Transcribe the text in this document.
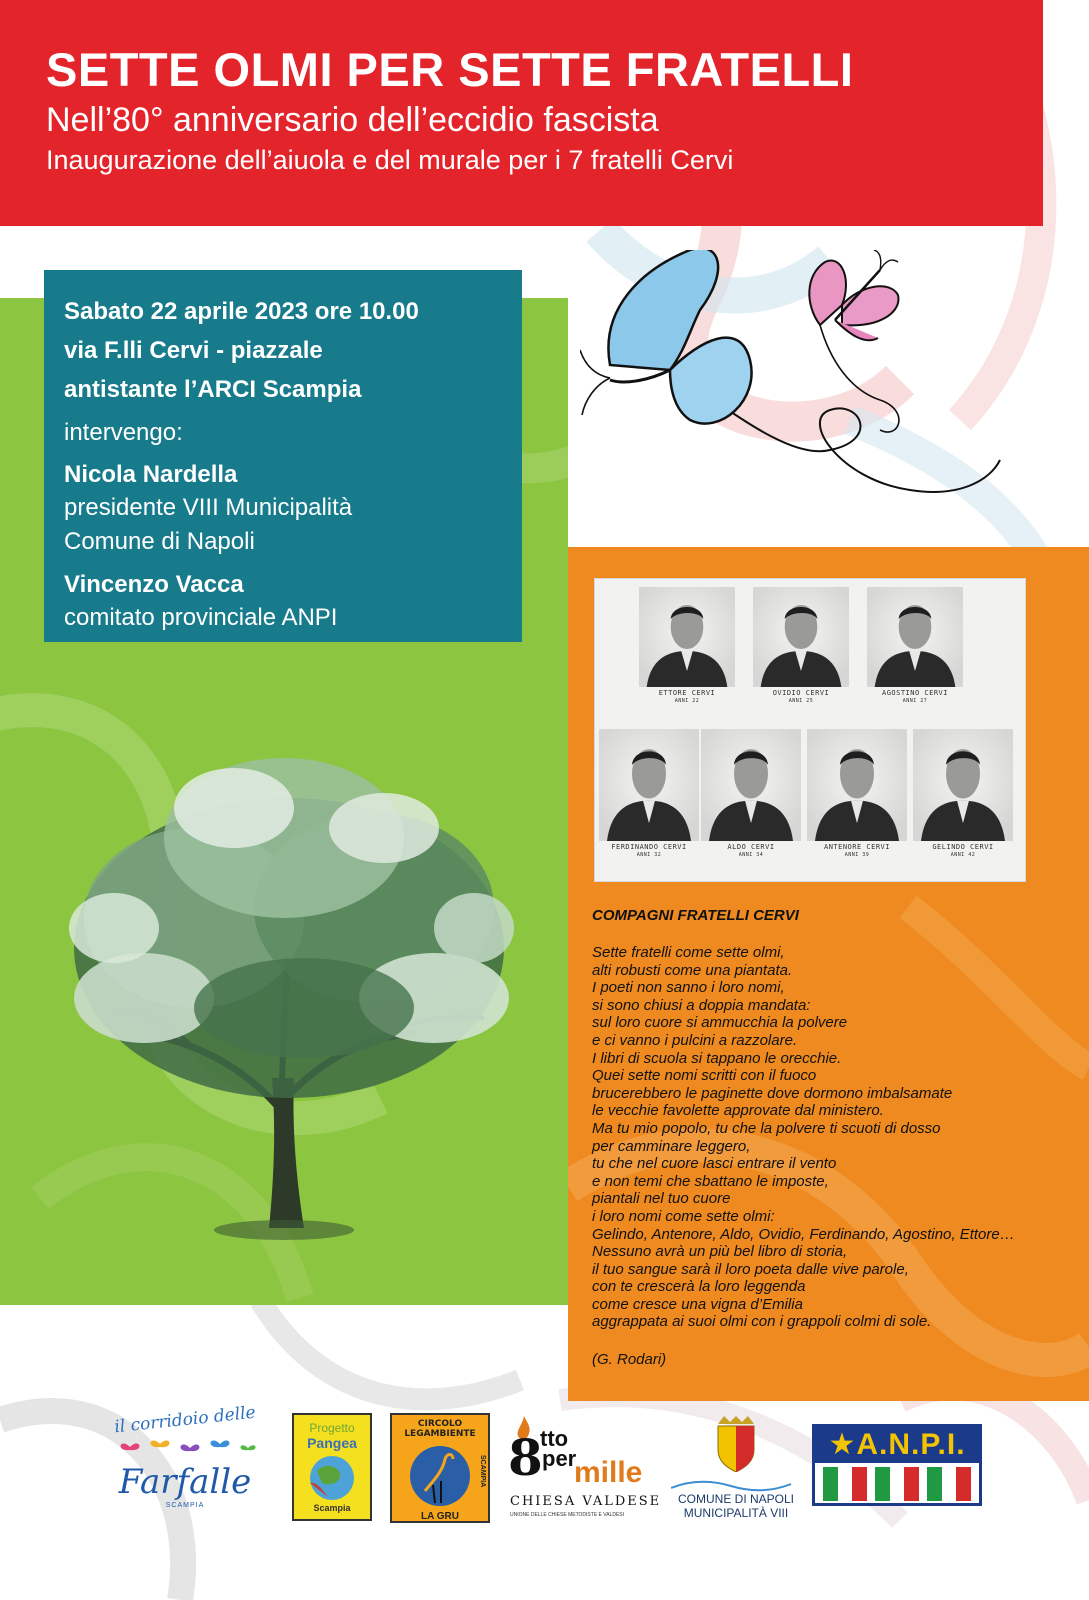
SETTE OLMI PER SETTE FRATELLI
Nell’80° anniversario dell’eccidio fascista
Inaugurazione dell’aiuola e del murale per i 7 fratelli Cervi
Sabato 22 aprile 2023 ore 10.00
via F.lli Cervi - piazzale
antistante l’ARCI Scampia
intervengo:
Nicola Nardella
presidente VIII Municipalità
Comune di Napoli
Vincenzo Vacca
comitato provinciale ANPI
ETTORE CERVI
ANNI 22
OVIDIO CERVI
ANNI 25
AGOSTINO CERVI
ANNI 27
FERDINANDO CERVI
ANNI 32
ALDO CERVI
ANNI 34
ANTENORE CERVI
ANNI 39
GELINDO CERVI
ANNI 42
COMPAGNI FRATELLI CERVI
Sette fratelli come sette olmi,
alti robusti come una piantata.
I poeti non sanno i loro nomi,
si sono chiusi a doppia mandata:
sul loro cuore si ammucchia la polvere
e ci vanno i pulcini a razzolare.
I libri di scuola si tappano le orecchie.
Quei sette nomi scritti con il fuoco
brucerebbero le paginette dove dormono imbalsamate
le vecchie favolette approvate dal ministero.
Ma tu mio popolo, tu che la polvere ti scuoti di dosso
per camminare leggero,
tu che nel cuore lasci entrare il vento
e non temi che sbattano le imposte,
piantali nel tuo cuore
i loro nomi come sette olmi:
Gelindo, Antenore, Aldo, Ovidio, Ferdinando, Agostino, Ettore…
Nessuno avrà un più bel libro di storia,
il tuo sangue sarà il loro poeta dalle vive parole,
con te crescerà la loro leggenda
come cresce una vigna d’Emilia
aggrappata ai suoi olmi con i grappoli colmi di sole.
(G. Rodari)
il corridoio delle
Farfalle
SCAMPIA
Progetto
Pangea
Scampia
CIRCOLO LEGAMBIENTE
LA GRU
SCAMPIA 8
tto
per
mille
CHIESA VALDESE
UNIONE DELLE CHIESE METODISTE E VALDESI
COMUNE DI NAPOLI
MUNICIPALITÀ VIII
★A.N.P.I.
